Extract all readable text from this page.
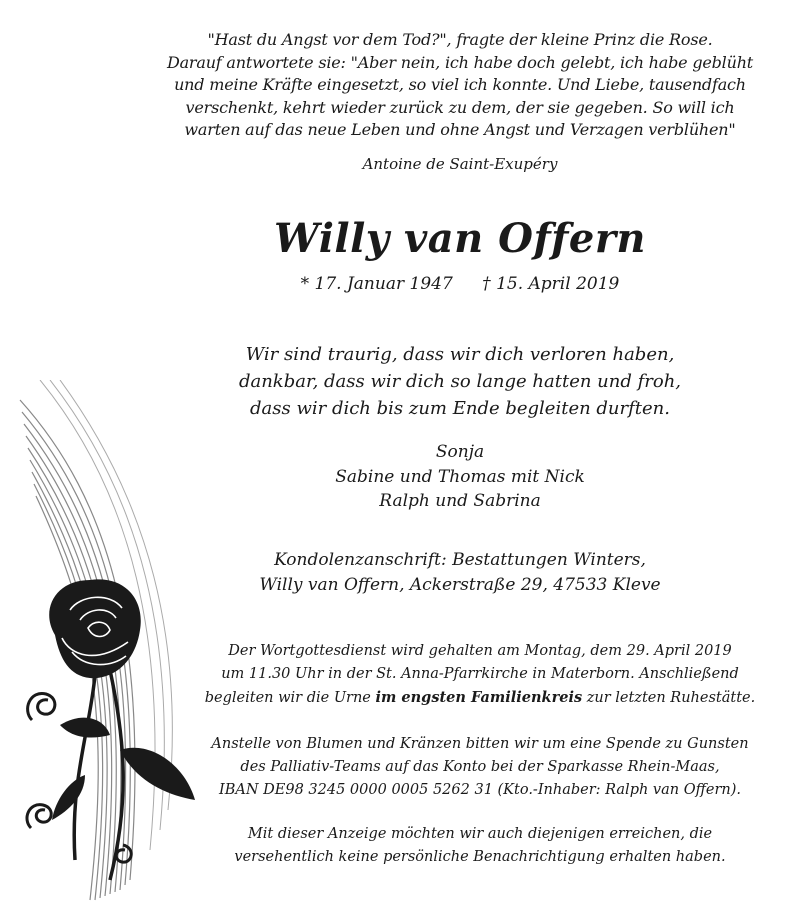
"Hast du Angst vor dem Tod?", fragte der kleine Prinz die Rose.
Darauf antwortete sie: "Aber nein, ich habe doch gelebt, ich habe geblüht
und meine Kräfte eingesetzt, so viel ich konnte. Und Liebe, tausendfach
verschenkt, kehrt wieder zurück zu dem, der sie gegeben. So will ich
warten auf das neue Leben und ohne Angst und Verzagen verblühen"
Antoine de Saint-Exupéry
Willy van Offern
* 17. Januar 1947 † 15. April 2019
Wir sind traurig, dass wir dich verloren haben,
dankbar, dass wir dich so lange hatten und froh,
dass wir dich bis zum Ende begleiten durften.
Sonja
Sabine und Thomas mit Nick
Ralph und Sabrina
Kondolenzanschrift: Bestattungen Winters,
Willy van Offern, Ackerstraße 29, 47533 Kleve
Der Wortgottesdienst wird gehalten am Montag, dem 29. April 2019
um 11.30 Uhr in der St. Anna-Pfarrkirche in Materborn. Anschließend
begleiten wir die Urne im engsten Familienkreis zur letzten Ruhestätte.
Anstelle von Blumen und Kränzen bitten wir um eine Spende zu Gunsten
des Palliativ-Teams auf das Konto bei der Sparkasse Rhein-Maas,
IBAN DE98 3245 0000 0005 5262 31 (Kto.-Inhaber: Ralph van Offern).
Mit dieser Anzeige möchten wir auch diejenigen erreichen, die
versehentlich keine persönliche Benachrichtigung erhalten haben.
